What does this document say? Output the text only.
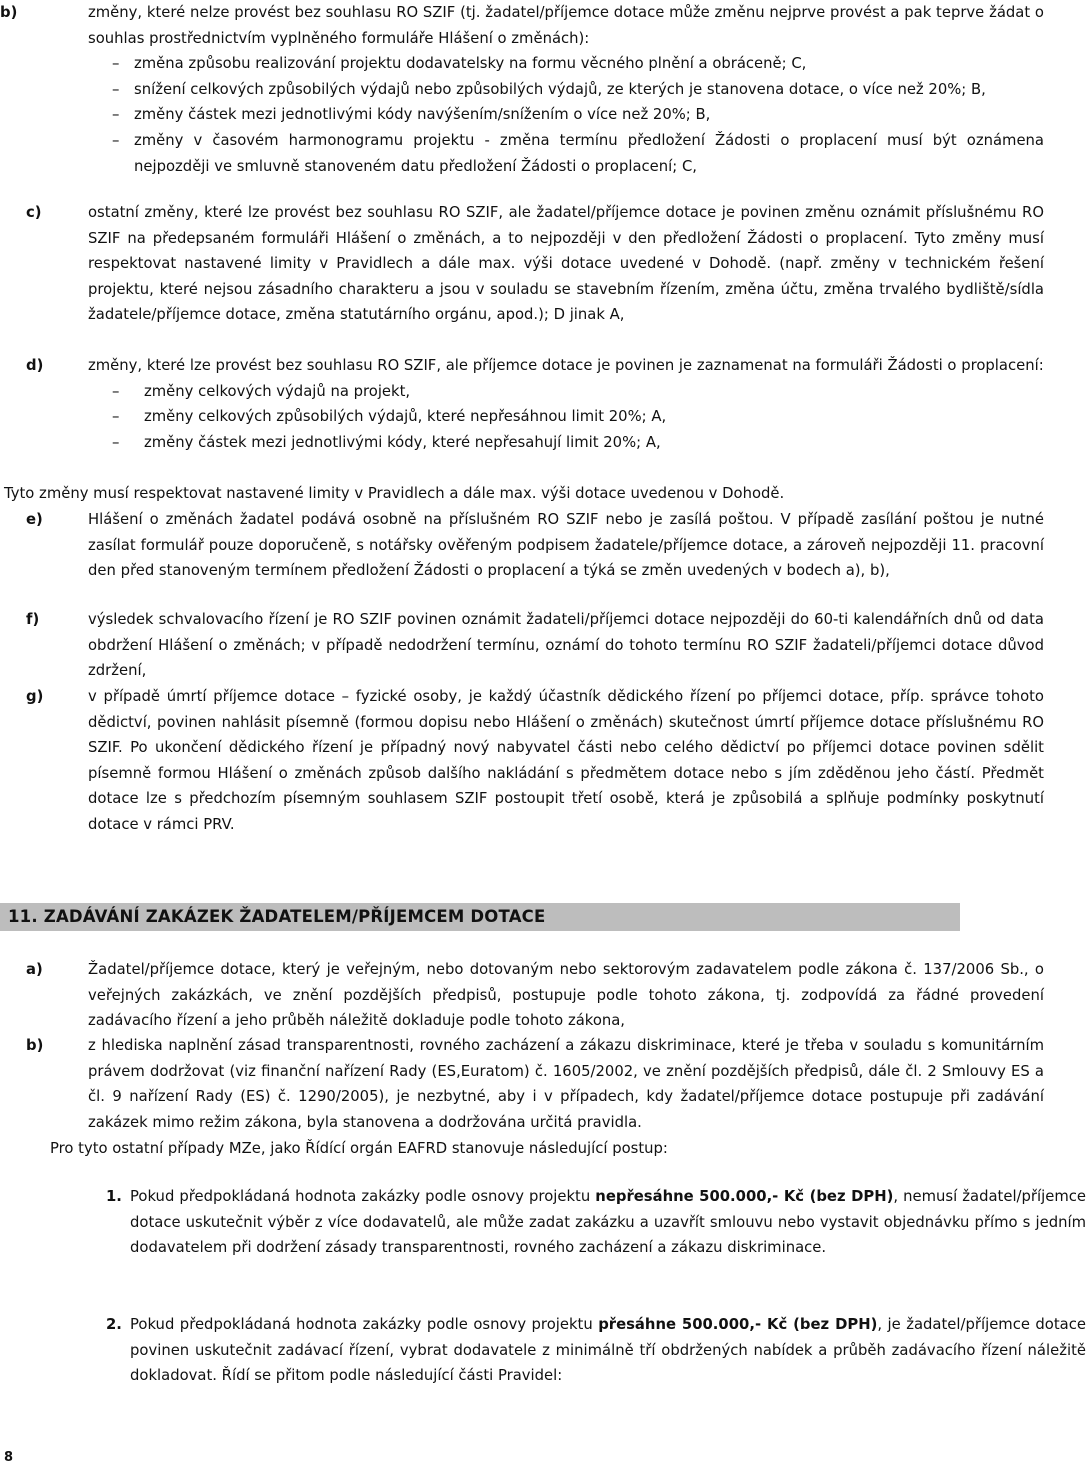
b)	změny, které nelze provést bez souhlasu RO SZIF (tj. žadatel/příjemce dotace může změnu nejprve provést a pak teprve žádat o souhlas prostřednictvím vyplněného formuláře Hlášení o změnách):
– změna způsobu realizování projektu dodavatelsky na formu věcného plnění a obráceně; C,
– snížení celkových způsobilých výdajů nebo způsobilých výdajů, ze kterých je stanovena dotace, o více než 20%; B,
– změny částek mezi jednotlivými kódy navýšením/snížením o více než 20%; B,
– změny v časovém harmonogramu projektu - změna termínu předložení Žádosti o proplacení musí být oznámena nejpozději ve smluvně stanoveném datu předložení Žádosti o proplacení; C,
c)	ostatní změny, které lze provést bez souhlasu RO SZIF, ale žadatel/příjemce dotace je povinen změnu oznámit příslušnému RO SZIF na předepsaném formuláři Hlášení o změnách, a to nejpozději v den předložení Žádosti o proplacení. Tyto změny musí respektovat nastavené limity v Pravidlech a dále max. výši dotace uvedené v Dohodě. (např. změny v technickém řešení projektu, které nejsou zásadního charakteru a jsou v souladu se stavebním řízením, změna účtu, změna trvalého bydliště/sídla žadatele/příjemce dotace, změna statutárního orgánu, apod.); D jinak A,
d)	změny, které lze provést bez souhlasu RO SZIF, ale příjemce dotace je povinen je zaznamenat na formuláři Žádosti o proplacení:
– změny celkových výdajů na projekt,
– změny celkových způsobilých výdajů, které nepřesáhnou limit 20%; A,
– změny částek mezi jednotlivými kódy, které nepřesahují limit 20%; A,
Tyto změny musí respektovat nastavené limity v Pravidlech a dále max. výši dotace uvedenou v Dohodě.
e)	Hlášení o změnách žadatel podává osobně na příslušném RO SZIF nebo je zasílá poštou. V případě zasílání poštou je nutné zasílat formulář pouze doporučeně, s notářsky ověřeným podpisem žadatele/příjemce dotace, a zároveň nejpozději 11. pracovní den před stanoveným termínem předložení Žádosti o proplacení a týká se změn uvedených v bodech a), b),
f)	výsledek schvalovacího řízení je RO SZIF povinen oznámit žadateli/příjemci dotace nejpozději do 60-ti kalendářních dnů od data obdržení Hlášení o změnách; v případě nedodržení termínu, oznámí do tohoto termínu RO SZIF žadateli/příjemci dotace důvod zdržení,
g)	v případě úmrtí příjemce dotace – fyzické osoby, je každý účastník dědického řízení po příjemci dotace, příp. správce tohoto dědictví, povinen nahlásit písemně (formou dopisu nebo Hlášení o změnách) skutečnost úmrtí příjemce dotace příslušnému RO SZIF. Po ukončení dědického řízení je případný nový nabyvatel části nebo celého dědictví po příjemci dotace povinen sdělit písemně formou Hlášení o změnách způsob dalšího nakládání s předmětem dotace nebo s jím zděděnou jeho částí. Předmět dotace lze s předchozím písemným souhlasem SZIF postoupit třetí osobě, která je způsobilá a splňuje podmínky poskytnutí dotace v rámci PRV.
11. ZADÁVÁNÍ ZAKÁZEK ŽADATELEM/PŘÍJEMCEM DOTACE
a)	Žadatel/příjemce dotace, který je veřejným, nebo dotovaným nebo sektorovým zadavatelem podle zákona č. 137/2006 Sb., o veřejných zakázkách, ve znění pozdějších předpisů, postupuje podle tohoto zákona, tj. zodpovídá za řádné provedení zadávacího řízení a jeho průběh náležitě dokladuje podle tohoto zákona,
b)	z hlediska naplnění zásad transparentnosti, rovného zacházení a zákazu diskriminace, které je třeba v souladu s komunitárním právem dodržovat (viz finanční nařízení Rady (ES,Euratom) č. 1605/2002, ve znění pozdějších předpisů, dále čl. 2 Smlouvy ES a čl. 9 nařízení Rady (ES) č. 1290/2005), je nezbytné, aby i v případech, kdy žadatel/příjemce dotace postupuje při zadávání zakázek mimo režim zákona, byla stanovena a dodržována určitá pravidla.
Pro tyto ostatní případy MZe, jako Řídící orgán EAFRD stanovuje následující postup:
1. Pokud předpokládaná hodnota zakázky podle osnovy projektu nepřesáhne 500.000,- Kč (bez DPH), nemusí žadatel/příjemce dotace uskutečnit výběr z více dodavatelů, ale může zadat zakázku a uzavřít smlouvu nebo vystavit objednávku přímo s jedním dodavatelem při dodržení zásady transparentnosti, rovného zacházení a zákazu diskriminace.
2. Pokud předpokládaná hodnota zakázky podle osnovy projektu přesáhne 500.000,- Kč (bez DPH), je žadatel/příjemce dotace povinen uskutečnit zadávací řízení, vybrat dodavatele z minimálně tří obdržených nabídek a průběh zadávacího řízení náležitě dokladovat. Řídí se přitom podle následující části Pravidel:
8
